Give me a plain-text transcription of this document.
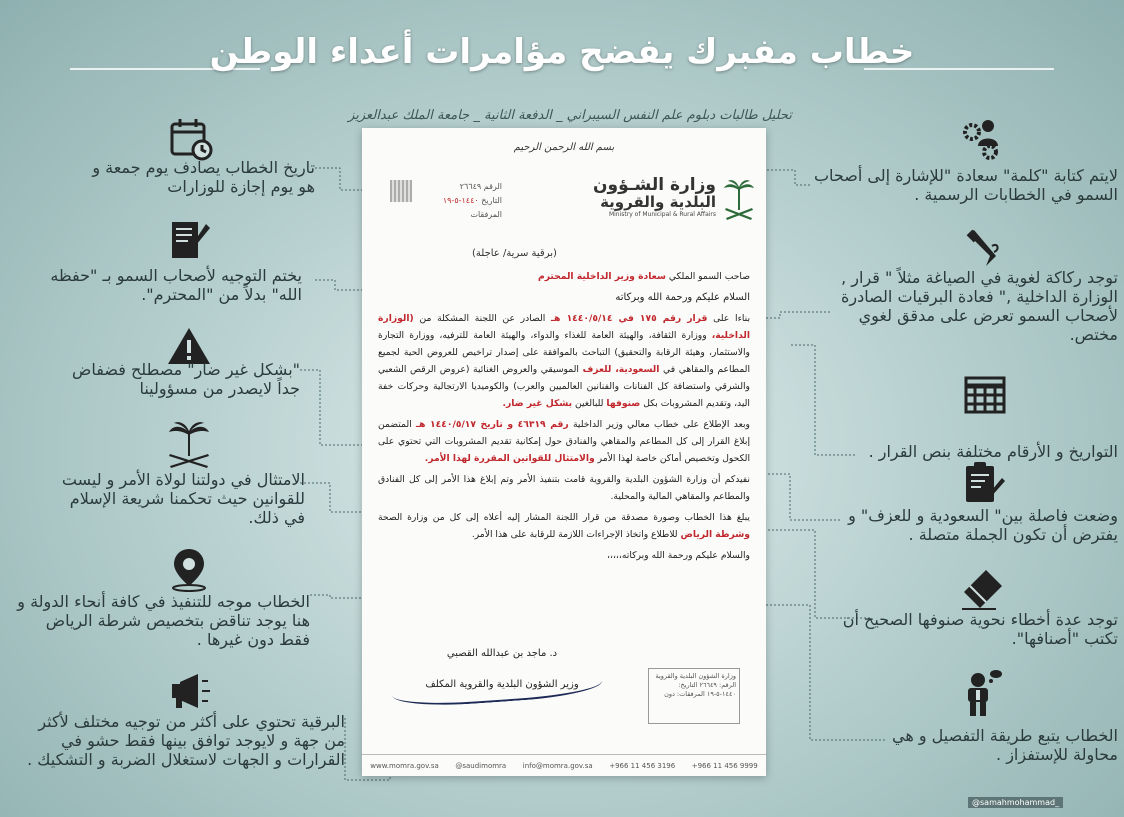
خطاب مفبرك يفضح مؤامرات أعداء الوطن
تحليل طالبات دبلوم علم النفس السيبراني _ الدفعة الثانية _ جامعة الملك عبدالعزيز
بسم الله الرحمن الرحيم
وزارة الشـؤون
البلدية والقروية
Ministry of Municipal & Rural Affairs
الرقم ٢٦٦٤٩
التاريخ ١٤٤٠-٥-١٩
المرفقات
(برقية سرية/ عاجلة)

صاحب السمو الملكي سعادة وزير الداخلية المحترم

السلام عليكم ورحمة الله وبركاته

بناءا على قرار رقم ١٧٥ في ١٤٤٠/٥/١٤ هـ الصادر عن اللجنة المشكلة من (الوزارة الداخلية، ووزارة الثقافة، والهيئة العامة للغذاء والدواء، والهيئة العامة للترفيه، ووزارة التجارة والاستثمار، وهيئة الرقابة والتحقيق) التباحث بالموافقة على إصدار تراخيص للعروض الحية لجميع المطاعم والمقاهي في السعودية، للعزف الموسيقي والعروض الغنائية (عروض الرقص الشعبي والشرقي واستضافة كل الفنانات والفنانين العالميين والعرب) والكوميديا الارتجالية وحركات خفة اليد، وتقديم المشروبات بكل صنوفها للبالغين بشكل غير ضار.

وبعد الإطلاع على خطاب معالي وزير الداخلية رقم ٤٦٣١٩ و تاريخ ١٤٤٠/٥/١٧ هـ المتضمن إبلاغ القرار إلى كل المطاعم والمقاهي والفنادق حول إمكانية تقديم المشروبات التي تحتوي على الكحول وتخصيص أماكن خاصة لهذا الأمر والامتثال للقوانين المقررة لهذا الأمر.

نفيدكم أن وزارة الشؤون البلدية والقروية قامت بتنفيذ الأمر وتم إبلاغ هذا الأمر إلى كل الفنادق والمطاعم والمقاهي المالية والمحلية.

يبلغ هذا الخطاب وصورة مصدقة من قرار اللجنة المشار إليه أعلاه إلى كل من وزارة الصحة وشرطة الرياض للاطلاع واتخاذ الإجراءات اللازمة للرقابة على هذا الأمر.

والسلام عليكم ورحمة الله وبركاته،،،،،

د. ماجد بن عبدالله القصبي
وزير الشؤون البلدية والقروية المكلف
وزارة الشؤون البلدية والقروية الرقم: ٢٦٦٤٩ التاريخ: ١٤٤٠-٥-١٩ المرفقات: دون
www.momra.gov.sa @saudimomra info@momra.gov.sa +966 11 456 3196 +966 11 456 9999
تاريخ الخطاب يصادف يوم جمعة و هو يوم إجازة للوزارات
يختم التوجيه لأصحاب السمو بـ "حفظه الله" بدلاً من "المحترم".
"بشكل غير ضار" مصطلح فضفاض جداً لايصدر من مسؤولينا
الامتثال في دولتنا لولاة الأمر و ليست للقوانين حيث تحكمنا شريعة الإسلام في ذلك.
الخطاب موجه للتنفيذ في كافة أنحاء الدولة و هنا يوجد تناقض بتخصيص شرطة الرياض فقط دون غيرها .
البرقية تحتوي على أكثر من توجيه مختلف لأكثر من جهة و لايوجد توافق بينها فقط حشو في القرارات و الجهات لاستغلال الضربة و التشكيك .
لايتم كتابة "كلمة" سعادة "للإشارة إلى أصحاب السمو في الخطابات الرسمية .
توجد ركاكة لغوية في الصياغة مثلاً " قرار , الوزارة الداخلية ," فعادة البرقيات الصادرة لأصحاب السمو تعرض على مدقق لغوي مختص.
التواريخ و الأرقام مختلفة بنص القرار .
وضعت فاصلة بين" السعودية و للعزف" و يفترض أن تكون الجملة متصلة .
توجد عدة أخطاء نحوية صنوفها الصحيح أن تكتب "أصنافها".
الخطاب يتبع طريقة التفصيل و هي محاولة للإستفزاز .
@samahmohammad_
